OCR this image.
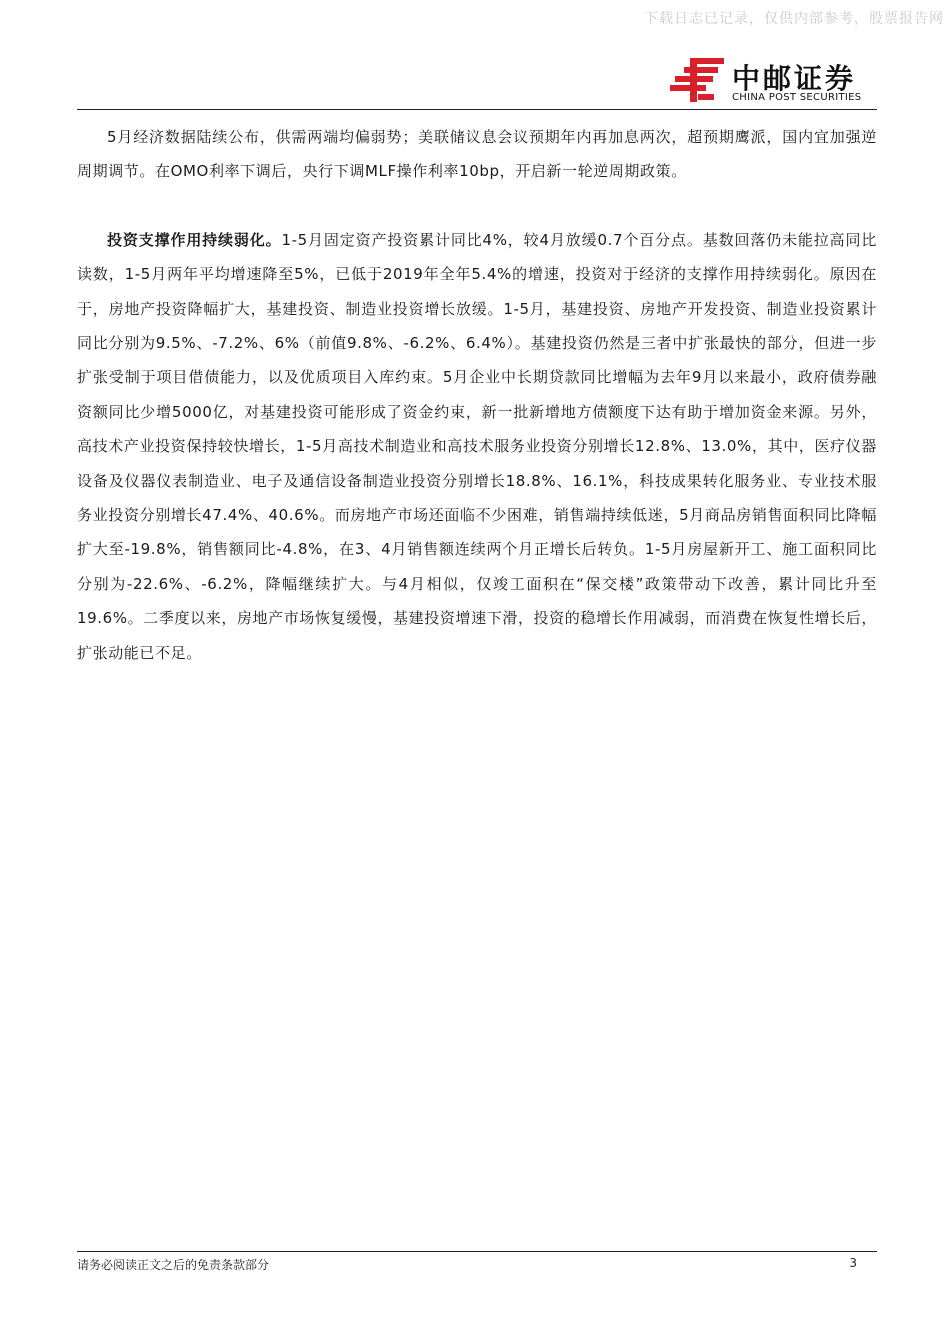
下载日志已记录，仅供内部参考，股票报告网
中邮证券
CHINA POST SECURITIES

5月经济数据陆续公布，供需两端均偏弱势；美联储议息会议预期年内再加息两次，超预期鹰派，国内宜加强逆周期调节。在OMO利率下调后，央行下调MLF操作利率10bp，开启新一轮逆周期政策。

投资支撑作用持续弱化。1-5月固定资产投资累计同比4%，较4月放缓0.7个百分点。基数回落仍未能拉高同比读数，1-5月两年平均增速降至5%，已低于2019年全年5.4%的增速，投资对于经济的支撑作用持续弱化。原因在于，房地产投资降幅扩大，基建投资、制造业投资增长放缓。1-5月，基建投资、房地产开发投资、制造业投资累计同比分别为9.5%、-7.2%、6%（前值9.8%、-6.2%、6.4%）。基建投资仍然是三者中扩张最快的部分，但进一步扩张受制于项目借债能力，以及优质项目入库约束。5月企业中长期贷款同比增幅为去年9月以来最小，政府债券融资额同比少增5000亿，对基建投资可能形成了资金约束，新一批新增地方债额度下达有助于增加资金来源。另外，高技术产业投资保持较快增长，1-5月高技术制造业和高技术服务业投资分别增长12.8%、13.0%，其中，医疗仪器设备及仪器仪表制造业、电子及通信设备制造业投资分别增长18.8%、16.1%，科技成果转化服务业、专业技术服务业投资分别增长47.4%、40.6%。而房地产市场还面临不少困难，销售端持续低迷，5月商品房销售面积同比降幅扩大至-19.8%，销售额同比-4.8%，在3、4月销售额连续两个月正增长后转负。1-5月房屋新开工、施工面积同比分别为-22.6%、-6.2%，降幅继续扩大。与4月相似，仅竣工面积在“保交楼”政策带动下改善，累计同比升至19.6%。二季度以来，房地产市场恢复缓慢，基建投资增速下滑，投资的稳增长作用减弱，而消费在恢复性增长后，扩张动能已不足。

请务必阅读正文之后的免责条款部分	3
